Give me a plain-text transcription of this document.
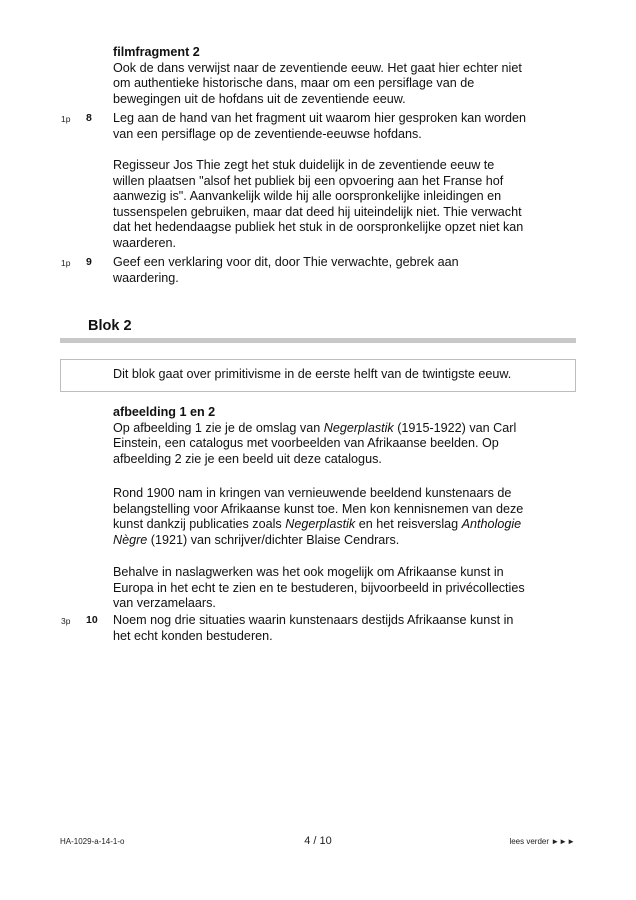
filmfragment 2

Ook de dans verwijst naar de zeventiende eeuw. Het gaat hier echter niet

om authentieke historische dans, maar om een persiflage van de

bewegingen uit de hofdans uit de zeventiende eeuw.

1p 8 Leg aan de hand van het fragment uit waarom hier gesproken kan worden

van een persiflage op de zeventiende-eeuwse hofdans.

Regisseur Jos Thie zegt het stuk duidelijk in de zeventiende eeuw te

willen plaatsen "alsof het publiek bij een opvoering aan het Franse hof

aanwezig is". Aanvankelijk wilde hij alle oorspronkelijke inleidingen en

tussenspelen gebruiken, maar dat deed hij uiteindelijk niet. Thie verwacht

dat het hedendaagse publiek het stuk in de oorspronkelijke opzet niet kan

waarderen.

1p 9 Geef een verklaring voor dit, door Thie verwachte, gebrek aan

waardering.

Blok 2
Dit blok gaat over primitivisme in de eerste helft van de twintigste eeuw.

afbeelding 1 en 2

Op afbeelding 1 zie je de omslag van Negerplastik (1915-1922) van Carl

Einstein, een catalogus met voorbeelden van Afrikaanse beelden. Op

afbeelding 2 zie je een beeld uit deze catalogus.

Rond 1900 nam in kringen van vernieuwende beeldend kunstenaars de

belangstelling voor Afrikaanse kunst toe. Men kon kennisnemen van deze

kunst dankzij publicaties zoals Negerplastik en het reisverslag Anthologie

Nègre (1921) van schrijver/dichter Blaise Cendrars.

Behalve in naslagwerken was het ook mogelijk om Afrikaanse kunst in

Europa in het echt te zien en te bestuderen, bijvoorbeeld in privécollecties

van verzamelaars.

3p 10 Noem nog drie situaties waarin kunstenaars destijds Afrikaanse kunst in

het echt konden bestuderen.

HA-1029-a-14-1-o	4 / 10	lees verder ►►►
